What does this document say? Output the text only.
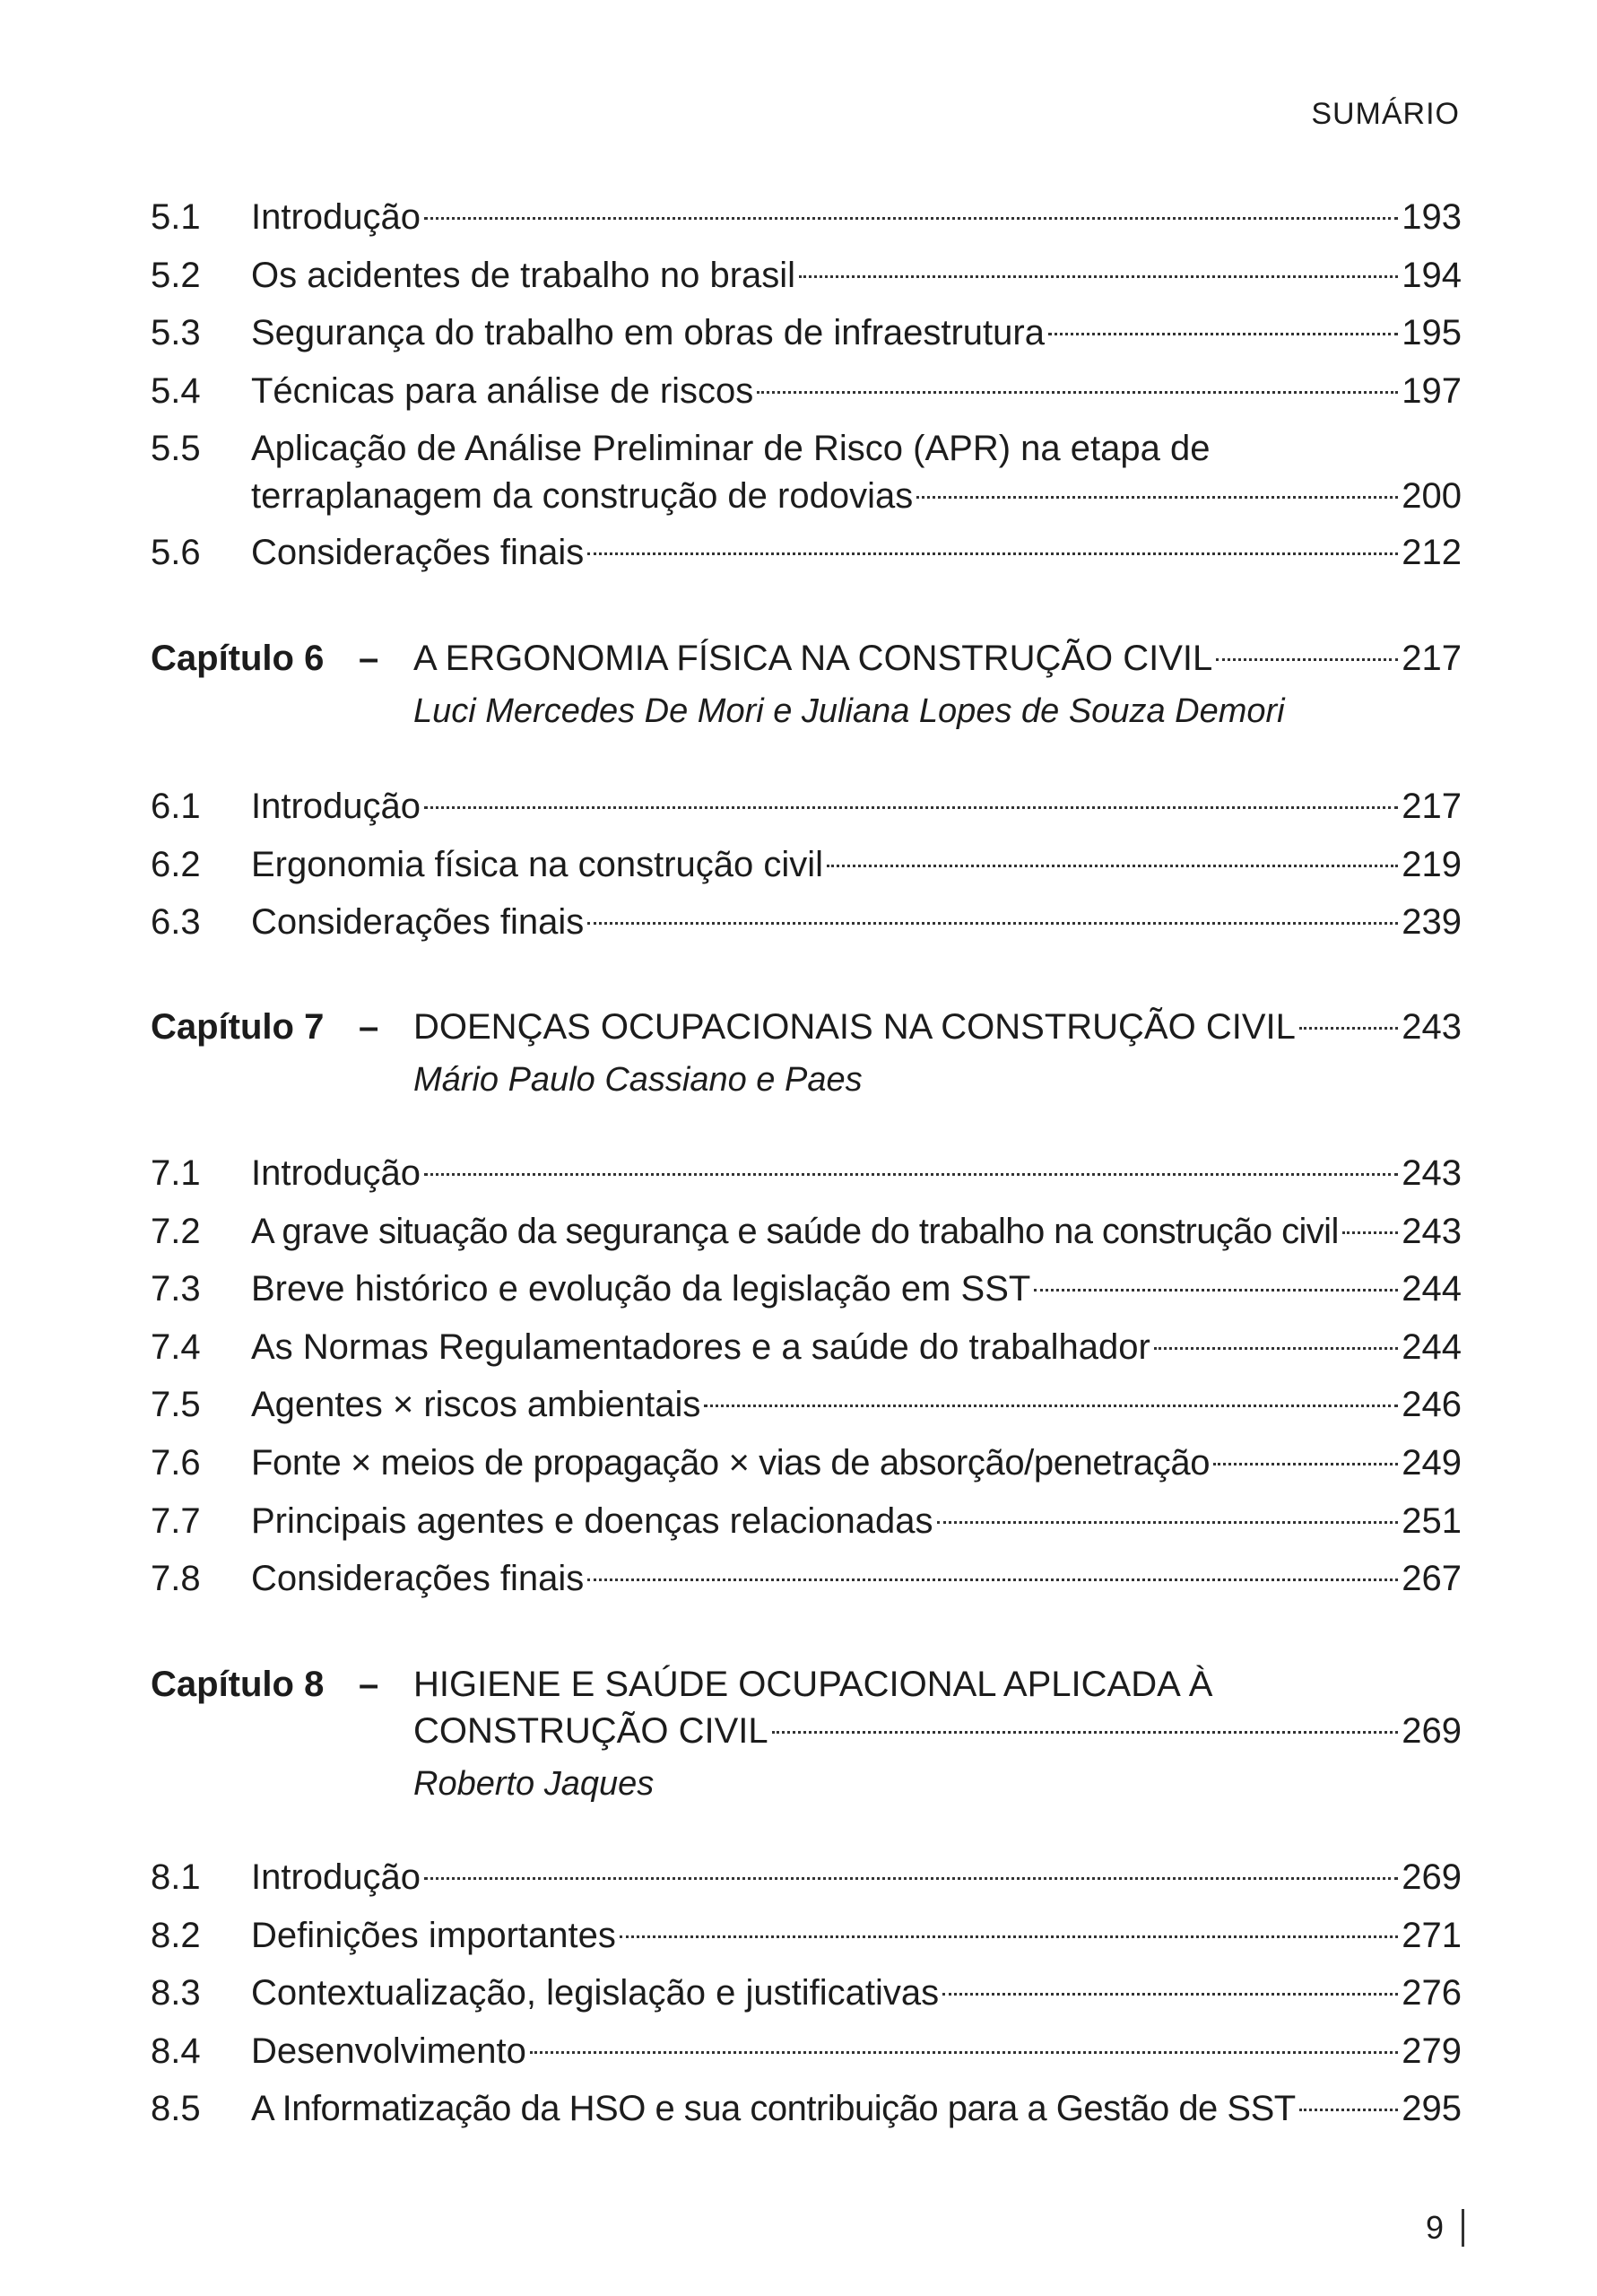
SUMÁRIO
5.1	Introdução	193
5.2	Os acidentes de trabalho no brasil	194
5.3	Segurança do trabalho em obras de infraestrutura	195
5.4	Técnicas para análise de riscos	197
5.5	Aplicação de Análise Preliminar de Risco (APR) na etapa de
terraplanagem da construção de rodovias	200
5.6	Considerações finais	212
Capítulo 6 – A ERGONOMIA FÍSICA NA CONSTRUÇÃO CIVIL	217
Luci Mercedes De Mori e Juliana Lopes de Souza Demori
6.1	Introdução	217
6.2	Ergonomia física na construção civil	219
6.3	Considerações finais	239
Capítulo 7 – DOENÇAS OCUPACIONAIS NA CONSTRUÇÃO CIVIL	243
Mário Paulo Cassiano e Paes
7.1	Introdução	243
7.2	A grave situação da segurança e saúde do trabalho na construção civil 243
7.3	Breve histórico e evolução da legislação em SST	244
7.4	As Normas Regulamentadores e a saúde do trabalhador	244
7.5	Agentes × riscos ambientais	246
7.6	Fonte × meios de propagação × vias de absorção/penetração	249
7.7	Principais agentes e doenças relacionadas	251
7.8	Considerações finais	267
Capítulo 8 – HIGIENE E SAÚDE OCUPACIONAL APLICADA À
CONSTRUÇÃO CIVIL	269
Roberto Jaques
8.1	Introdução	269
8.2	Definições importantes	271
8.3	Contextualização, legislação e justificativas	276
8.4	Desenvolvimento	279
8.5	A Informatização da HSO e sua contribuição para a Gestão de SST	295
9
